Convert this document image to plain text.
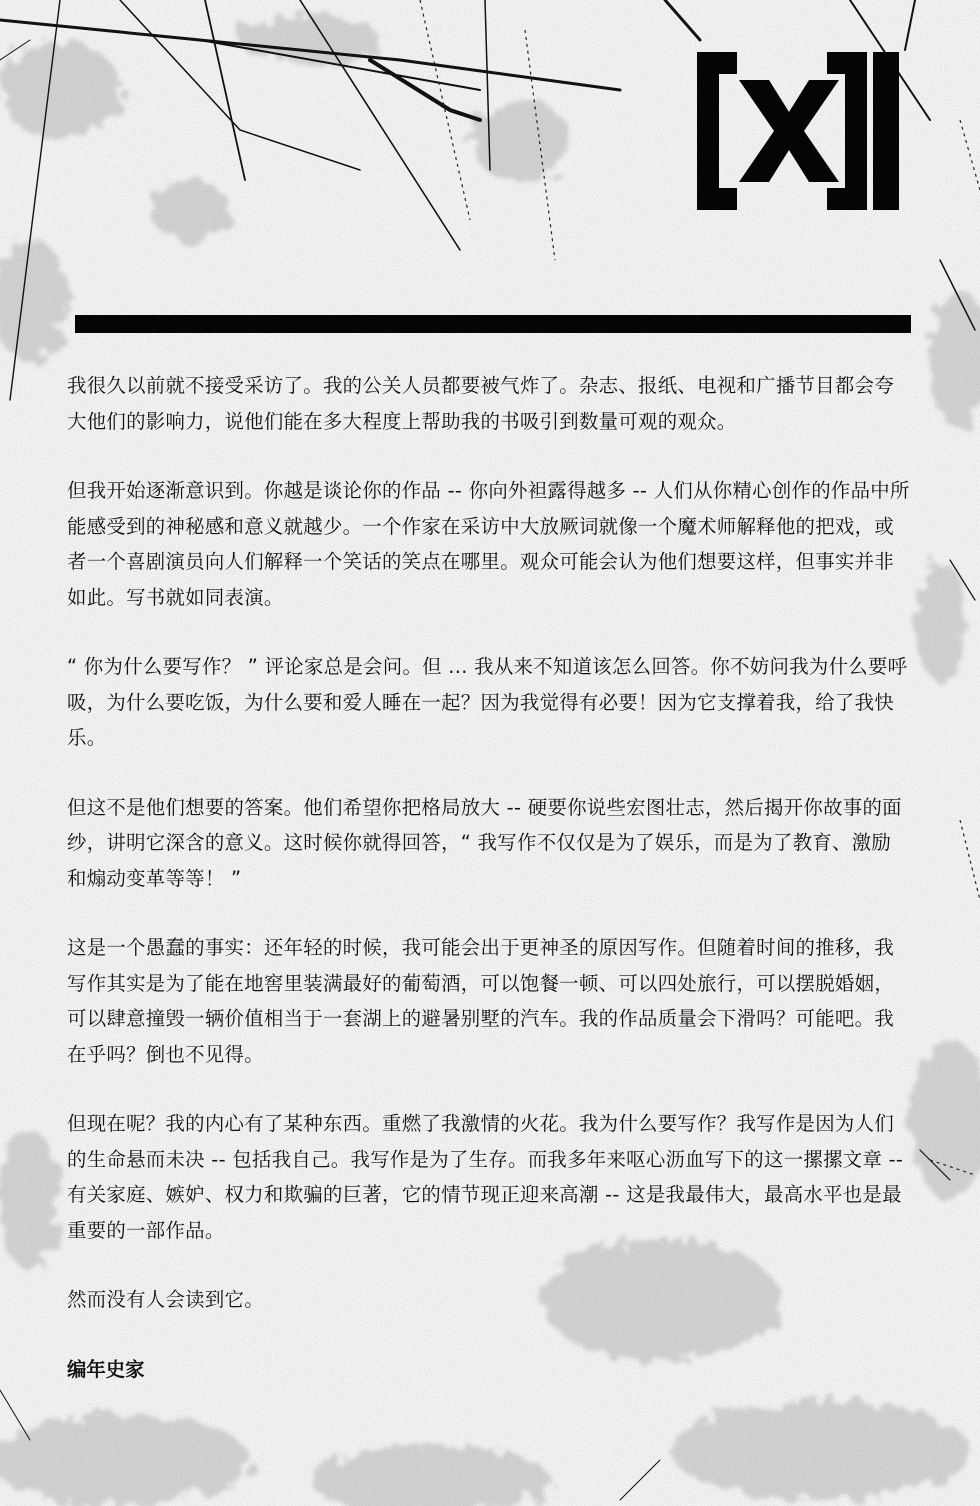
我很久以前就不接受采访了。我的公关人员都要被气炸了。杂志、报纸、电视和广播节目都会夸
大他们的影响力，说他们能在多大程度上帮助我的书吸引到数量可观的观众。
但我开始逐渐意识到。你越是谈论你的作品 -- 你向外袒露得越多 -- 人们从你精心创作的作品中所
能感受到的神秘感和意义就越少。一个作家在采访中大放厥词就像一个魔术师解释他的把戏，或
者一个喜剧演员向人们解释一个笑话的笑点在哪里。观众可能会认为他们想要这样，但事实并非
如此。写书就如同表演。
“ 你为什么要写作？ ” 评论家总是会问。但 ... 我从来不知道该怎么回答。你不妨问我为什么要呼
吸，为什么要吃饭，为什么要和爱人睡在一起？因为我觉得有必要！因为它支撑着我，给了我快
乐。
但这不是他们想要的答案。他们希望你把格局放大 -- 硬要你说些宏图壮志，然后揭开你故事的面
纱，讲明它深含的意义。这时候你就得回答，“ 我写作不仅仅是为了娱乐，而是为了教育、激励
和煽动变革等等！ ”
这是一个愚蠢的事实：还年轻的时候，我可能会出于更神圣的原因写作。但随着时间的推移，我
写作其实是为了能在地窖里装满最好的葡萄酒，可以饱餐一顿、可以四处旅行，可以摆脱婚姻，
可以肆意撞毁一辆价值相当于一套湖上的避暑别墅的汽车。我的作品质量会下滑吗？可能吧。我
在乎吗？倒也不见得。
但现在呢？我的内心有了某种东西。重燃了我激情的火花。我为什么要写作？我写作是因为人们
的生命悬而未决 -- 包括我自己。我写作是为了生存。而我多年来呕心沥血写下的这一摞摞文章 --
有关家庭、嫉妒、权力和欺骗的巨著，它的情节现正迎来高潮 -- 这是我最伟大，最高水平也是最
重要的一部作品。
然而没有人会读到它。

编年史家
